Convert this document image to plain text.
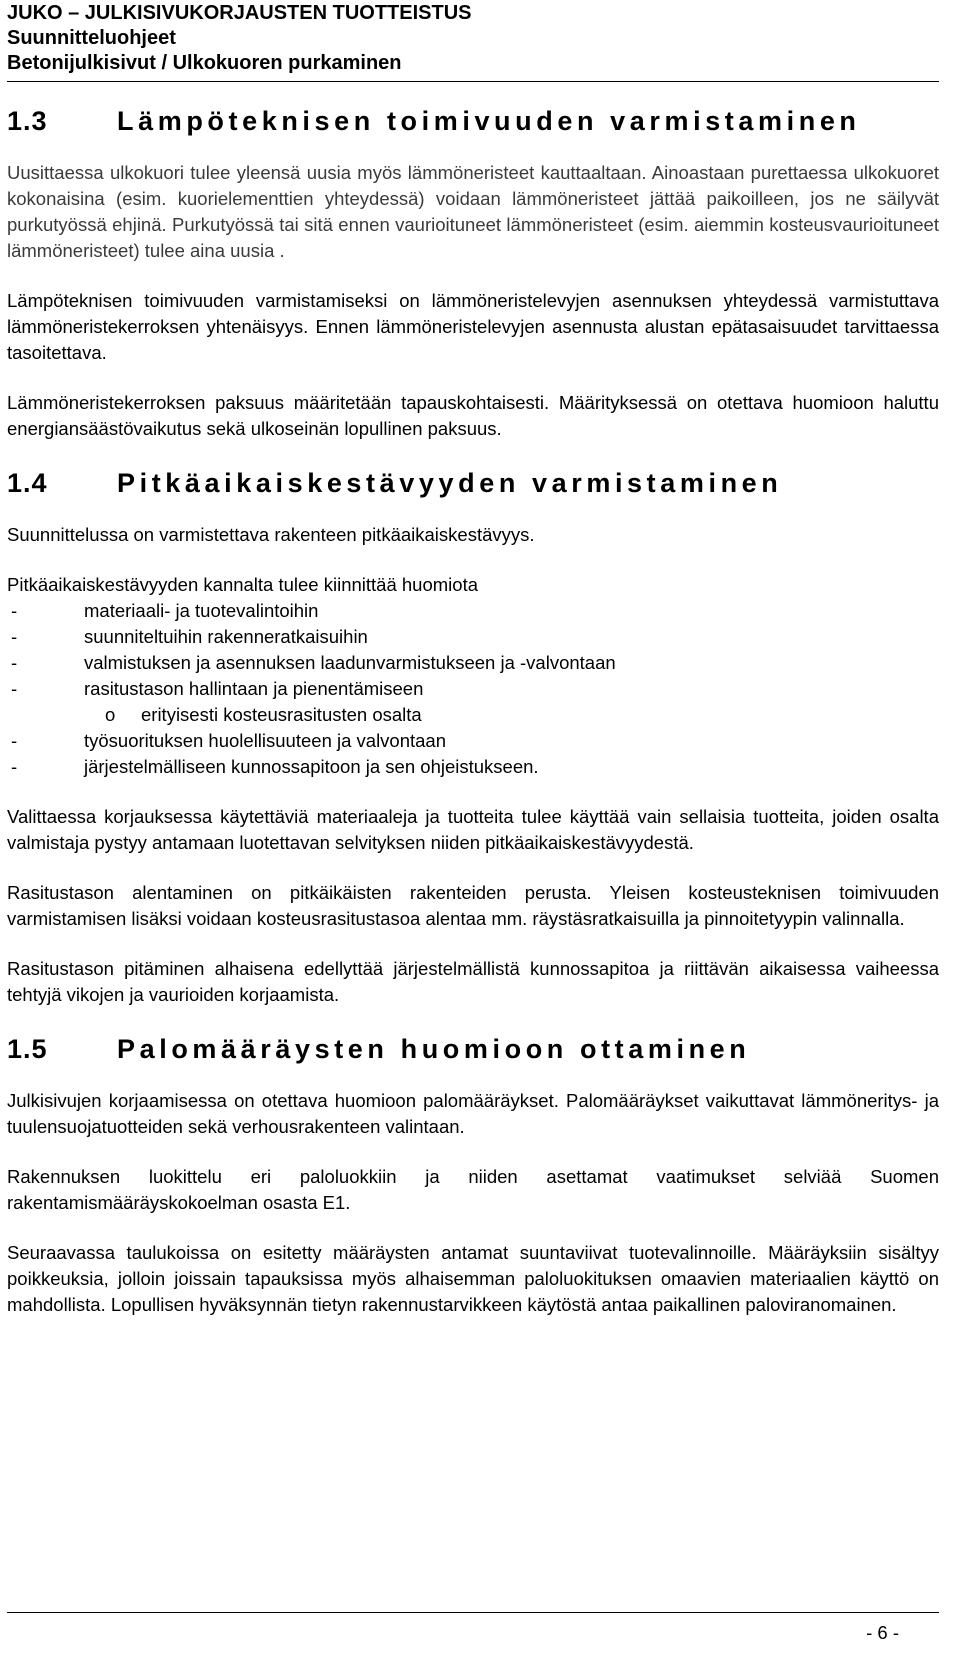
JUKO – JULKISIVUKORJAUSTEN TUOTTEISTUS
Suunnitteluohjeet
Betonijulkisivut / Ulkokuoren purkaminen
1.3	Lämpöteknisen toimivuuden varmistaminen

Uusittaessa ulkokuori tulee yleensä uusia myös lämmöneristeet kauttaaltaan. Ainoastaan purettaessa ulkokuoret kokonaisina (esim. kuorielementtien yhteydessä) voidaan lämmöneristeet jättää paikoilleen, jos ne säilyvät purkutyössä ehjinä. Purkutyössä tai sitä ennen vaurioituneet lämmöneristeet (esim. aiemmin kosteusvaurioituneet lämmöneristeet) tulee aina uusia .

Lämpöteknisen toimivuuden varmistamiseksi on lämmöneristelevyjen asennuksen yhteydessä varmistuttava lämmöneristekerroksen yhtenäisyys. Ennen lämmöneristelevyjen asennusta alustan epätasaisuudet tarvittaessa tasoitettava.

Lämmöneristekerroksen paksuus määritetään tapauskohtaisesti. Määrityksessä on otettava huomioon haluttu energiansäästövaikutus sekä ulkoseinän lopullinen paksuus.

1.4	Pitkäaikaiskestävyyden varmistaminen

Suunnittelussa on varmistettava rakenteen pitkäaikaiskestävyys.

Pitkäaikaiskestävyyden kannalta tulee kiinnittää huomiota

-	materiaali- ja tuotevalintoihin
-	suunniteltuihin rakenneratkaisuihin
-	valmistuksen ja asennuksen laadunvarmistukseen ja -valvontaan
-	rasitustason hallintaan ja pienentämiseen
o	erityisesti kosteusrasitusten osalta
-	työsuorituksen huolellisuuteen ja valvontaan
-	järjestelmälliseen kunnossapitoon ja sen ohjeistukseen.

Valittaessa korjauksessa käytettäviä materiaaleja ja tuotteita tulee käyttää vain sellaisia tuotteita, joiden osalta valmistaja pystyy antamaan luotettavan selvityksen niiden pitkäaikaiskestävyydestä.

Rasitustason alentaminen on pitkäikäisten rakenteiden perusta. Yleisen kosteusteknisen toimivuuden varmistamisen lisäksi voidaan kosteusrasitustasoa alentaa mm. räystäsratkaisuilla ja pinnoitetyypin valinnalla.

Rasitustason pitäminen alhaisena edellyttää järjestelmällistä kunnossapitoa ja riittävän aikaisessa vaiheessa tehtyjä vikojen ja vaurioiden korjaamista.

1.5	Palomääräysten huomioon ottaminen

Julkisivujen korjaamisessa on otettava huomioon palomääräykset. Palomääräykset vaikuttavat lämmöneritys- ja tuulensuojatuotteiden sekä verhousrakenteen valintaan.

Rakennuksen luokittelu eri paloluokkiin ja niiden asettamat vaatimukset selviää Suomen rakentamismääräyskokoelman osasta E1.

Seuraavassa taulukoissa on esitetty määräysten antamat suuntaviivat tuotevalinnoille. Määräyksiin sisältyy poikkeuksia, jolloin joissain tapauksissa myös alhaisemman paloluokituksen omaavien materiaalien käyttö on mahdollista. Lopullisen hyväksynnän tietyn rakennustarvikkeen käytöstä antaa paikallinen paloviranomainen.

- 6 -
